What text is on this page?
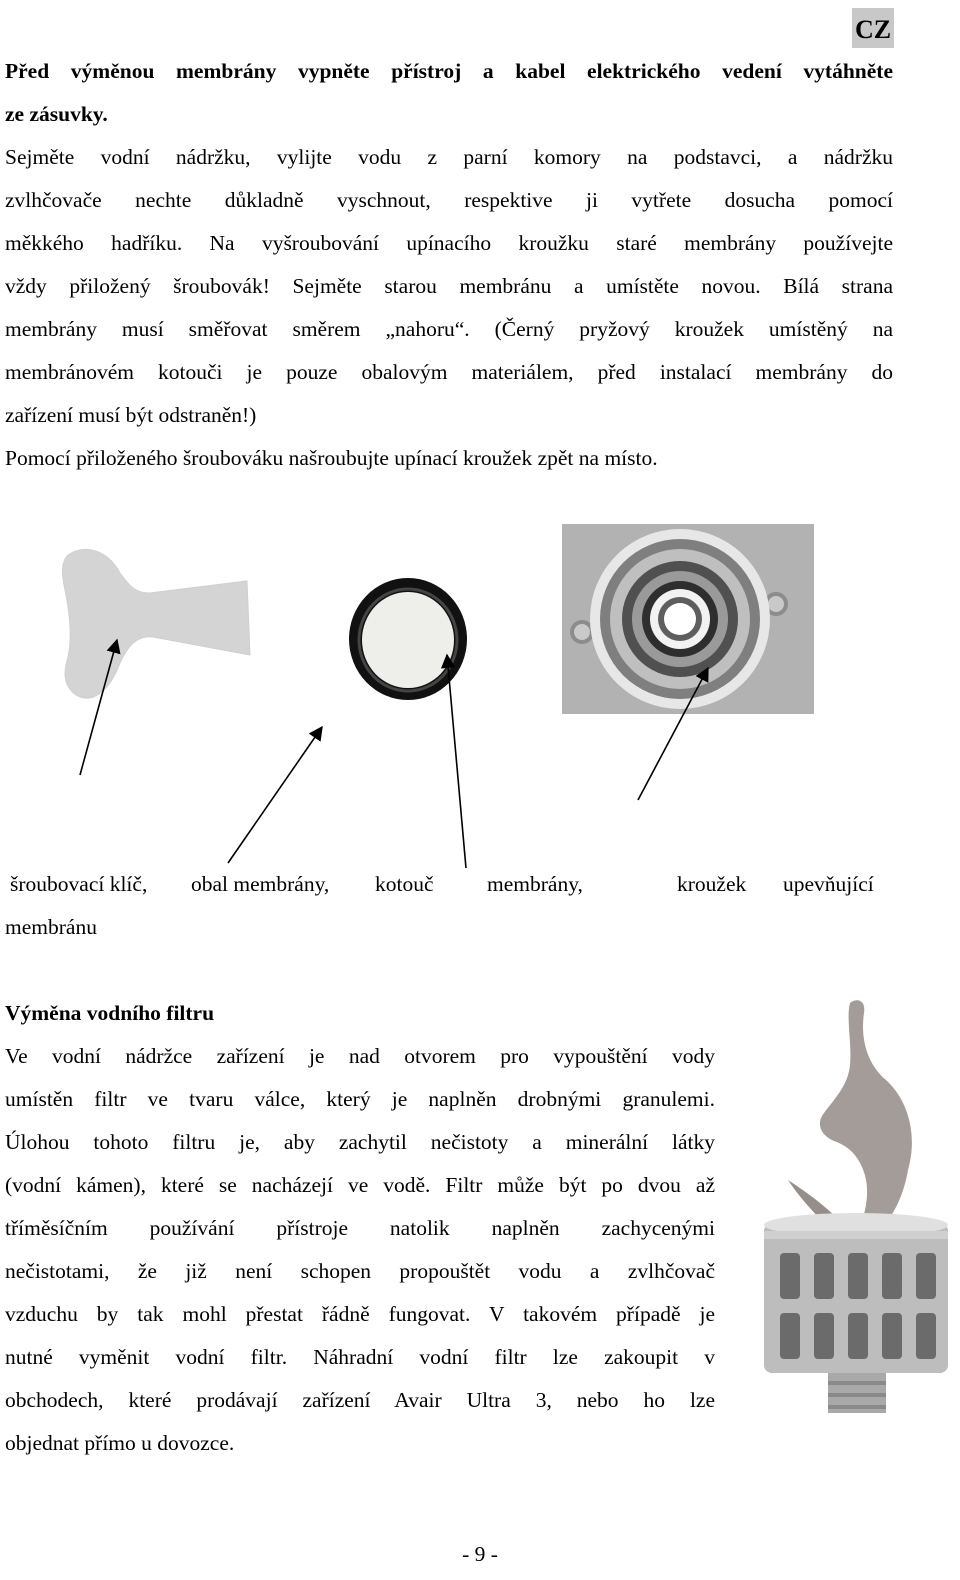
CZ
Před výměnou membrány vypněte přístroj a kabel elektrického vedení vytáhněte
ze zásuvky.
Sejměte vodní nádržku, vylijte vodu z parní komory na podstavci, a nádržku
zvlhčovače nechte důkladně vyschnout, respektive ji vytřete dosucha pomocí
měkkého hadříku. Na vyšroubování upínacího kroužku staré membrány používejte
vždy přiložený šroubovák! Sejměte starou membránu a umístěte novou. Bílá strana
membrány musí směřovat směrem „nahoru“. (Černý pryžový kroužek umístěný na
membránovém kotouči je pouze obalovým materiálem, před instalací membrány do
zařízení musí být odstraněn!)
Pomocí přiloženého šroubováku našroubujte upínací kroužek zpět na místo.
šroubovací klíč, obal membrány, kotouč membrány,	kroužek upevňující
membránu
Výměna vodního filtru
Ve vodní nádržce zařízení je nad otvorem pro vypouštění vody
umístěn filtr ve tvaru válce, který je naplněn drobnými granulemi.
Úlohou tohoto filtru je, aby zachytil nečistoty a minerální látky
(vodní kámen), které se nacházejí ve vodě. Filtr může být po dvou až
tříměsíčním používání přístroje natolik naplněn zachycenými
nečistotami, že již není schopen propouštět vodu a zvlhčovač
vzduchu by tak mohl přestat řádně fungovat. V takovém případě je
nutné vyměnit vodní filtr. Náhradní vodní filtr lze zakoupit v
obchodech, které prodávají zařízení Avair Ultra 3, nebo ho lze
objednat přímo u dovozce.
- 9 -
